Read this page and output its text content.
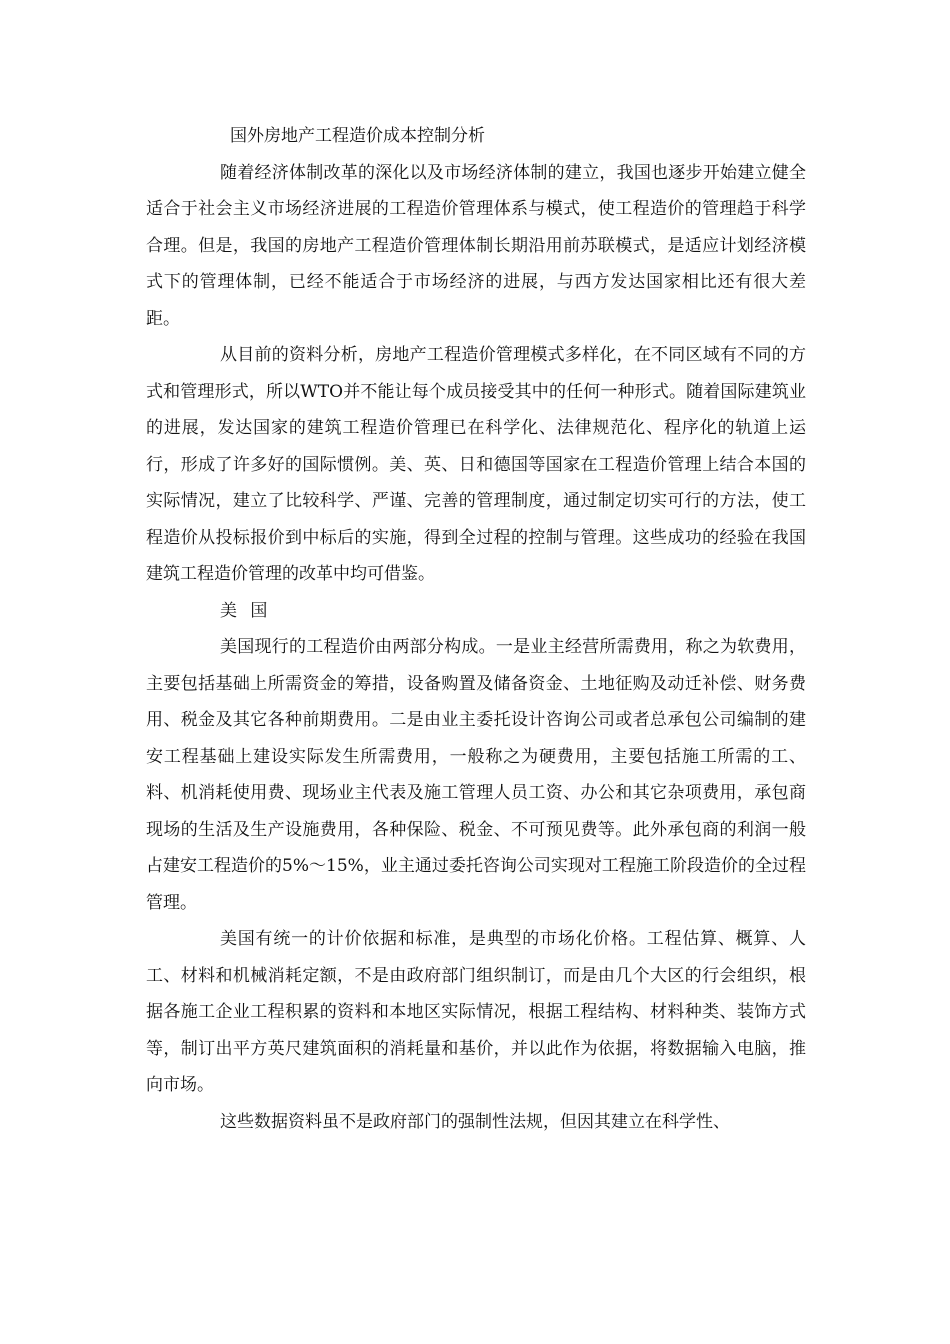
国外房地产工程造价成本控制分析

随着经济体制改革的深化以及市场经济体制的建立，我国也逐步开始建立健全适合于社会主义市场经济进展的工程造价管理体系与模式，使工程造价的管理趋于科学合理。但是，我国的房地产工程造价管理体制长期沿用前苏联模式，是适应计划经济模式下的管理体制，已经不能适合于市场经济的进展，与西方发达国家相比还有很大差距。

从目前的资料分析，房地产工程造价管理模式多样化，在不同区域有不同的方式和管理形式，所以WTO并不能让每个成员接受其中的任何一种形式。随着国际建筑业的进展，发达国家的建筑工程造价管理已在科学化、法律规范化、程序化的轨道上运行，形成了许多好的国际惯例。美、英、日和德国等国家在工程造价管理上结合本国的实际情况，建立了比较科学、严谨、完善的管理制度，通过制定切实可行的方法，使工程造价从投标报价到中标后的实施，得到全过程的控制与管理。这些成功的经验在我国建筑工程造价管理的改革中均可借鉴。

美 国

美国现行的工程造价由两部分构成。一是业主经营所需费用，称之为软费用，主要包括基础上所需资金的筹措，设备购置及储备资金、土地征购及动迁补偿、财务费用、税金及其它各种前期费用。二是由业主委托设计咨询公司或者总承包公司编制的建安工程基础上建设实际发生所需费用，一般称之为硬费用，主要包括施工所需的工、料、机消耗使用费、现场业主代表及施工管理人员工资、办公和其它杂项费用，承包商现场的生活及生产设施费用，各种保险、税金、不可预见费等。此外承包商的利润一般占建安工程造价的5%～15%，业主通过委托咨询公司实现对工程施工阶段造价的全过程管理。

美国有统一的计价依据和标准，是典型的市场化价格。工程估算、概算、人工、材料和机械消耗定额，不是由政府部门组织制订，而是由几个大区的行会组织，根据各施工企业工程积累的资料和本地区实际情况，根据工程结构、材料种类、装饰方式等，制订出平方英尺建筑面积的消耗量和基价，并以此作为依据，将数据输入电脑，推向市场。

这些数据资料虽不是政府部门的强制性法规，但因其建立在科学性、
